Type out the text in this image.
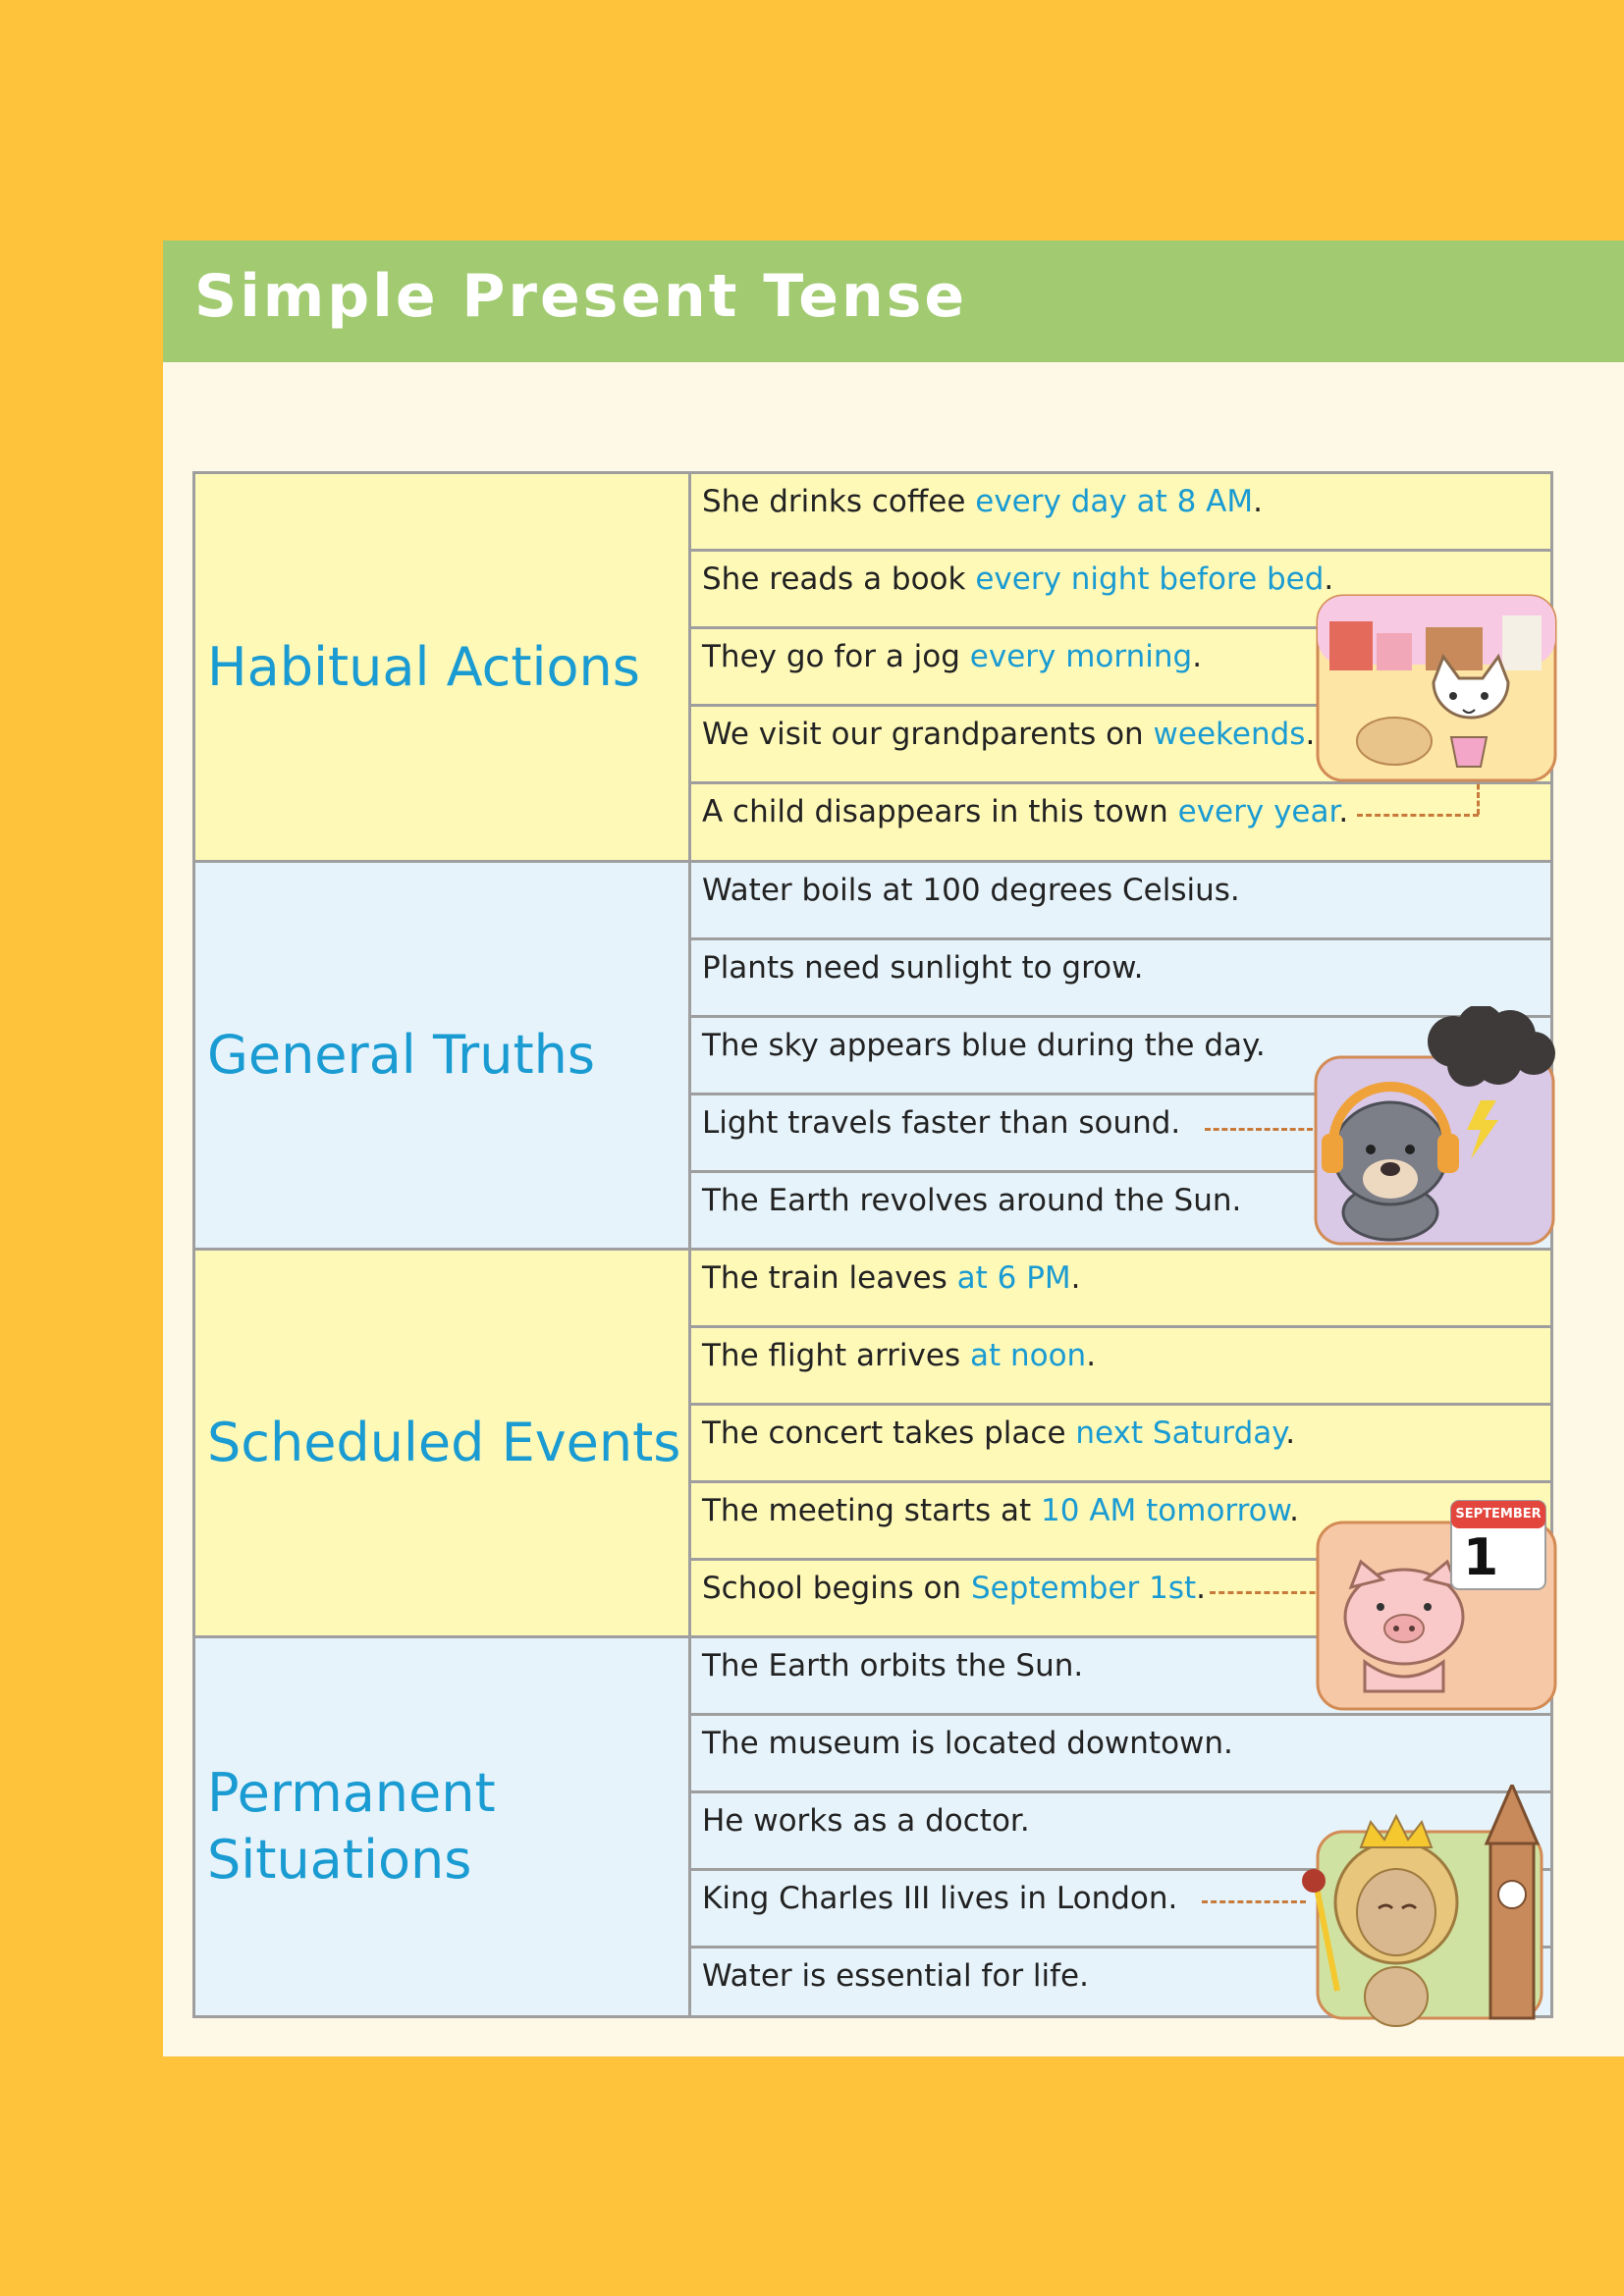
Simple Present Tense
Habitual Actions
She drinks coffee every day at 8 AM.
She reads a book every night before bed.
They go for a jog every morning.
We visit our grandparents on weekends.
A child disappears in this town every year.
General Truths
Water boils at 100 degrees Celsius.
Plants need sunlight to grow.
The sky appears blue during the day.
Light travels faster than sound.
The Earth revolves around the Sun.
Scheduled Events
The train leaves at 6 PM.
The flight arrives at noon.
The concert takes place next Saturday.
The meeting starts at 10 AM tomorrow.
School begins on September 1st.
Permanent
Situations
The Earth orbits the Sun.
The museum is located downtown.
He works as a doctor.
King Charles III lives in London.
Water is essential for life.
SEPTEMBER
1
